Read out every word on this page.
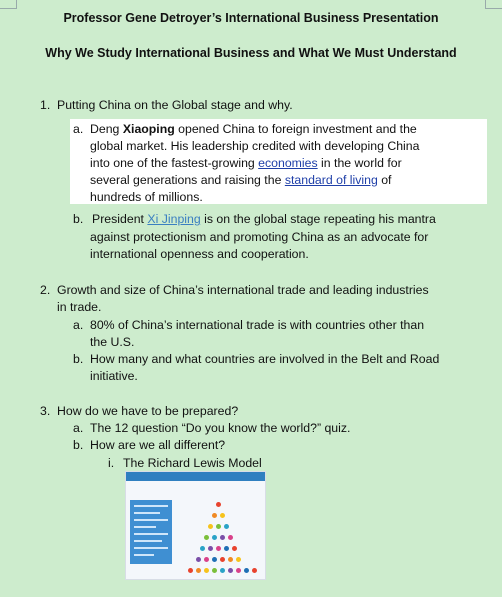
Professor Gene Detroyer’s International Business Presentation
Why We Study International Business and What We Must Understand
1. Putting China on the Global stage and why.
a. Deng Xiaoping opened China to foreign investment and the
global market. His leadership credited with developing China
into one of the fastest-growing economies in the world for
several generations and raising the standard of living of
hundreds of millions.
b. President Xi Jinping is on the global stage repeating his mantra
against protectionism and promoting China as an advocate for
international openness and cooperation.
2. Growth and size of China’s international trade and leading industries
in trade.
a. 80% of China’s international trade is with countries other than
the U.S.
b. How many and what countries are involved in the Belt and Road
initiative.
3. How do we have to be prepared?
a. The 12 question “Do you know the world?” quiz.
b. How are we all different?
i. The Richard Lewis Model
